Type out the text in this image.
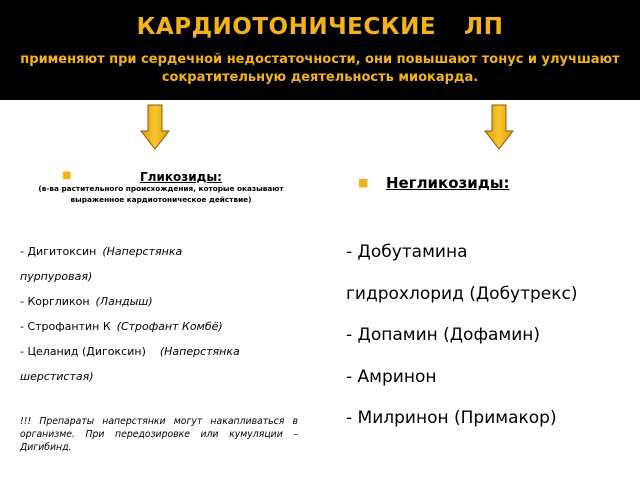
КАРДИОТОНИЧЕСКИЕ ЛП
применяют при сердечной недостаточности, они повышают тонус и улучшают сократительную деятельность миокарда.
■	Гликозиды:
(в-ва растительного происхождения, которые оказывают выраженное кардиотоническое действие)
- Дигитоксин (Наперстянка
пурпуровая)
- Коргликон (Ландыш)
- Строфантин К (Строфант Комбё)
- Целанид (Дигоксин) (Наперстянка
шерстистая)
!!! Препараты наперстянки могут накапливаться в организме. При передозировке или кумуляции – Дигибинд.
■ Негликозиды:
- Добутамина
гидрохлорид (Добутрекс)
- Допамин (Дофамин)
- Амринон
- Милринон (Примакор)
